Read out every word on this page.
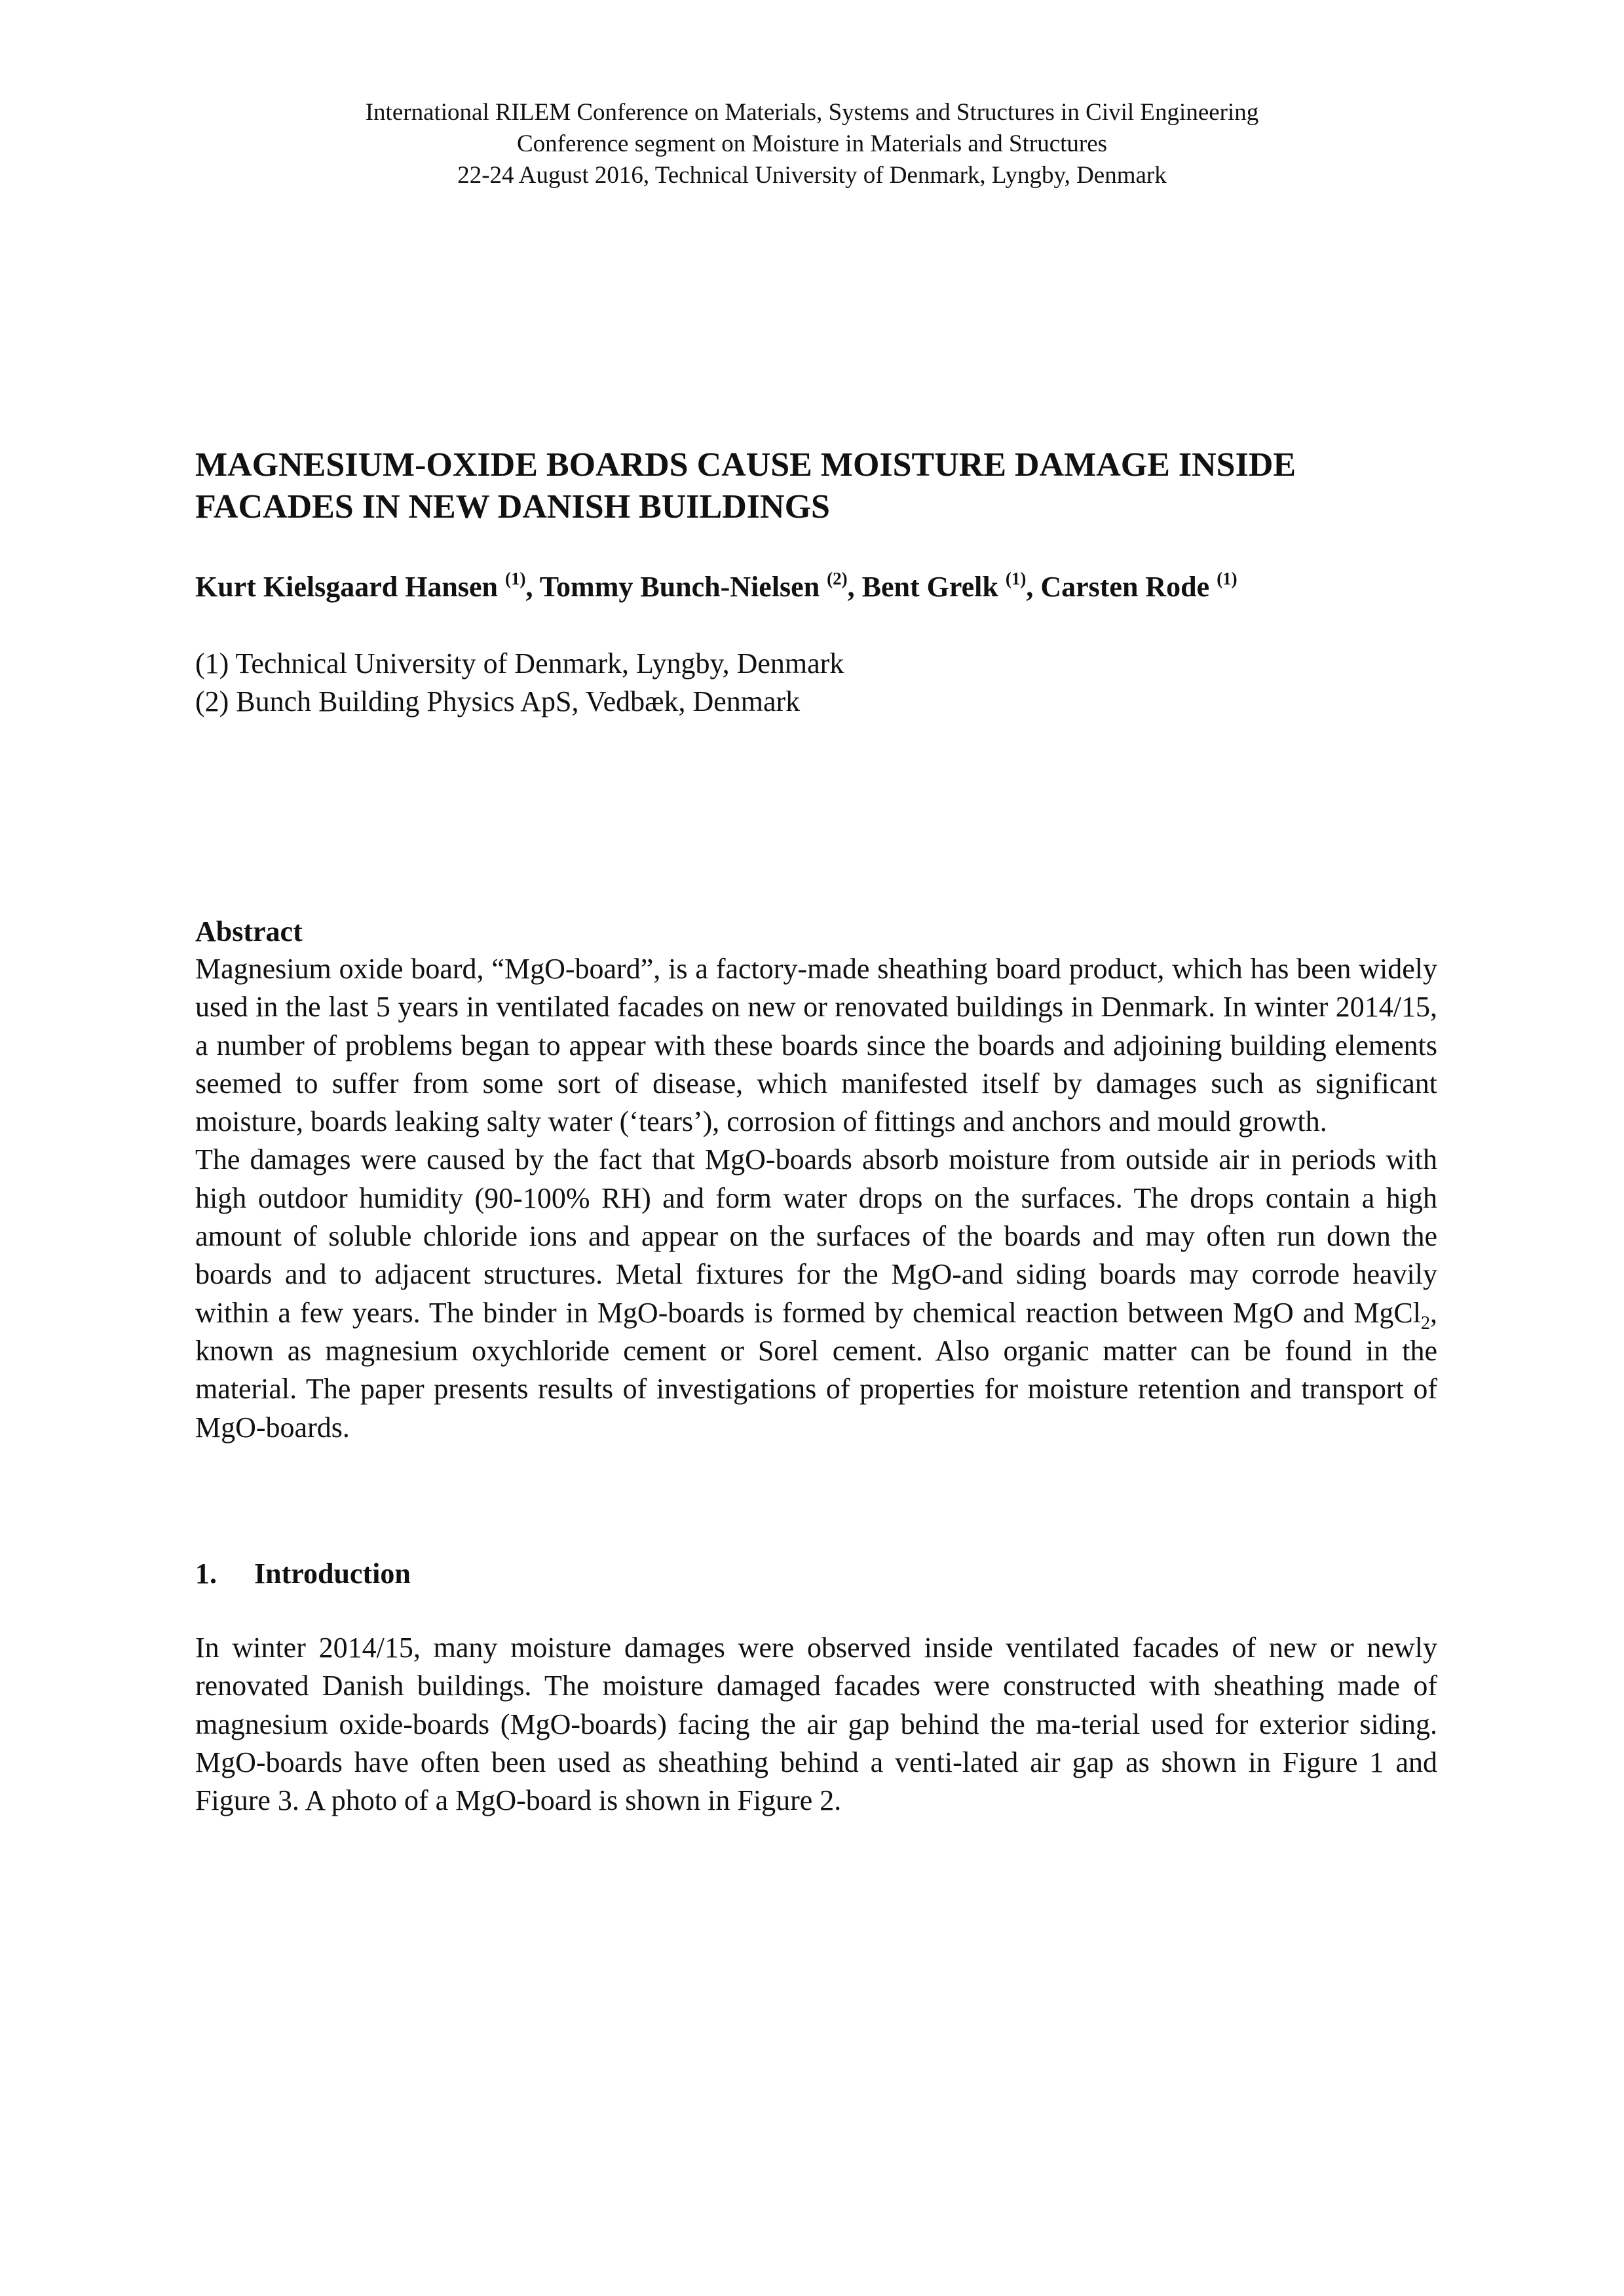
International RILEM Conference on Materials, Systems and Structures in Civil Engineering
Conference segment on Moisture in Materials and Structures
22-24 August 2016, Technical University of Denmark, Lyngby, Denmark
MAGNESIUM-OXIDE BOARDS CAUSE MOISTURE DAMAGE INSIDE
FACADES IN NEW DANISH BUILDINGS
Kurt Kielsgaard Hansen $^{(1)}$, Tommy Bunch-Nielsen $^{(2)}$, Bent Grelk $^{(1)}$, Carsten Rode $^{(1)}$
(1) Technical University of Denmark, Lyngby, Denmark
(2) Bunch Building Physics ApS, Vedbæk, Denmark
Abstract

Magnesium oxide board, “MgO-board”, is a factory-made sheathing board product, which has been widely used in the last 5 years in ventilated facades on new or renovated buildings in Denmark. In winter 2014/15, a number of problems began to appear with these boards since the boards and adjoining building elements seemed to suffer from some sort of disease, which manifested itself by damages such as significant moisture, boards leaking salty water (‘tears’), corrosion of fittings and anchors and mould growth.

The damages were caused by the fact that MgO-boards absorb moisture from outside air in periods with high outdoor humidity (90-100% RH) and form water drops on the surfaces. The drops contain a high amount of soluble chloride ions and appear on the surfaces of the boards and may often run down the boards and to adjacent structures. Metal fixtures for the MgO-and siding boards may corrode heavily within a few years. The binder in MgO-boards is formed by chemical reaction between MgO and MgCl$_2$, known as magnesium oxychloride cement or Sorel cement. Also organic matter can be found in the material. The paper presents results of investigations of properties for moisture retention and transport of MgO-boards.

1. Introduction

In winter 2014/15, many moisture damages were observed inside ventilated facades of new or newly renovated Danish buildings. The moisture damaged facades were constructed with sheathing made of magnesium oxide-boards (MgO-boards) facing the air gap behind the ma-terial used for exterior siding. MgO-boards have often been used as sheathing behind a venti-lated air gap as shown in Figure 1 and Figure 3. A photo of a MgO-board is shown in Figure 2.
